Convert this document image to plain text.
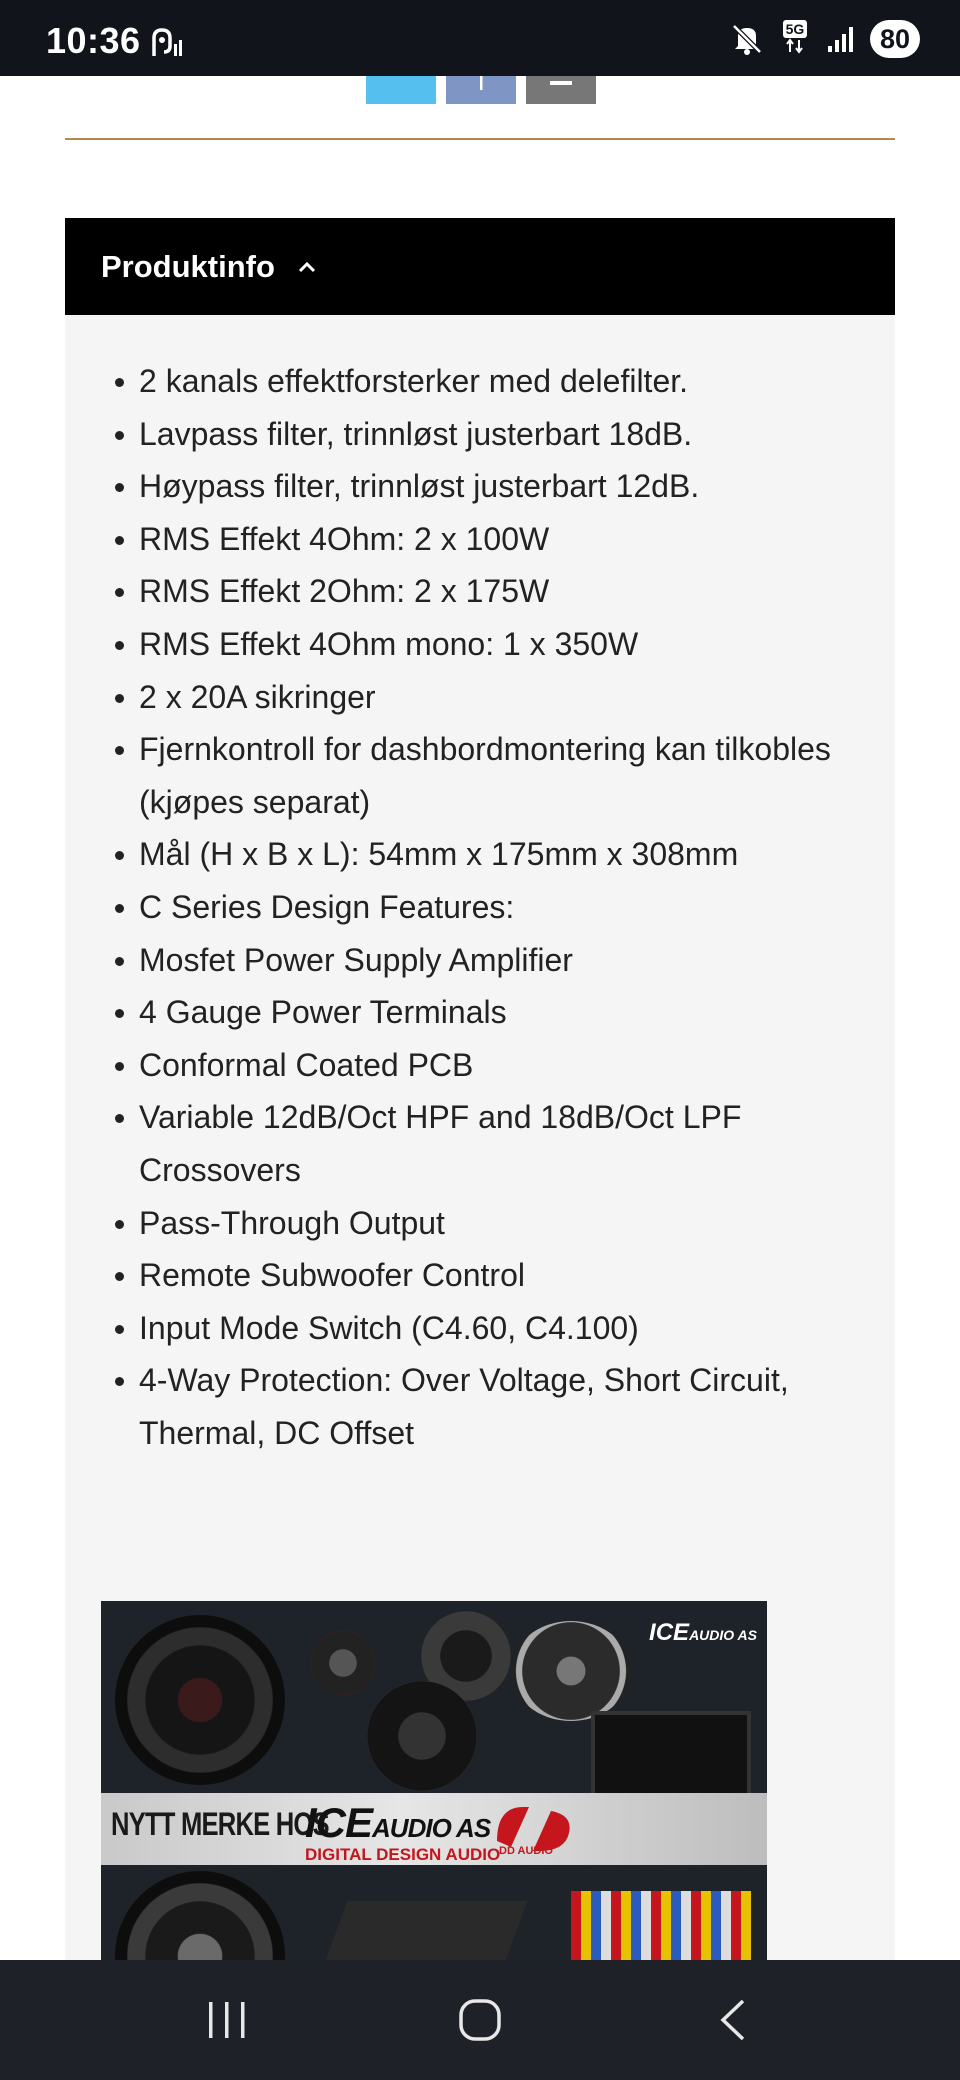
10:36	5G	80
Produktinfo
2 kanals effektforsterker med delefilter.
Lavpass filter, trinnløst justerbart 18dB.
Høypass filter, trinnløst justerbart 12dB.
RMS Effekt 4Ohm: 2 x 100W
RMS Effekt 2Ohm: 2 x 175W
RMS Effekt 4Ohm mono: 1 x 350W
2 x 20A sikringer
Fjernkontroll for dashbordmontering kan tilkobles (kjøpes separat)
Mål (H x B x L): 54mm x 175mm x 308mm
C Series Design Features:
Mosfet Power Supply Amplifier
4 Gauge Power Terminals
Conformal Coated PCB
Variable 12dB/Oct HPF and 18dB/Oct LPF Crossovers
Pass-Through Output
Remote Subwoofer Control
Input Mode Switch (C4.60, C4.100)
4-Way Protection: Over Voltage, Short Circuit, Thermal, DC Offset
NYTT MERKE HOS
ICEAUDIO AS
DIGITAL DESIGN AUDIO
DD AUDIO
ICEAUDIO AS
